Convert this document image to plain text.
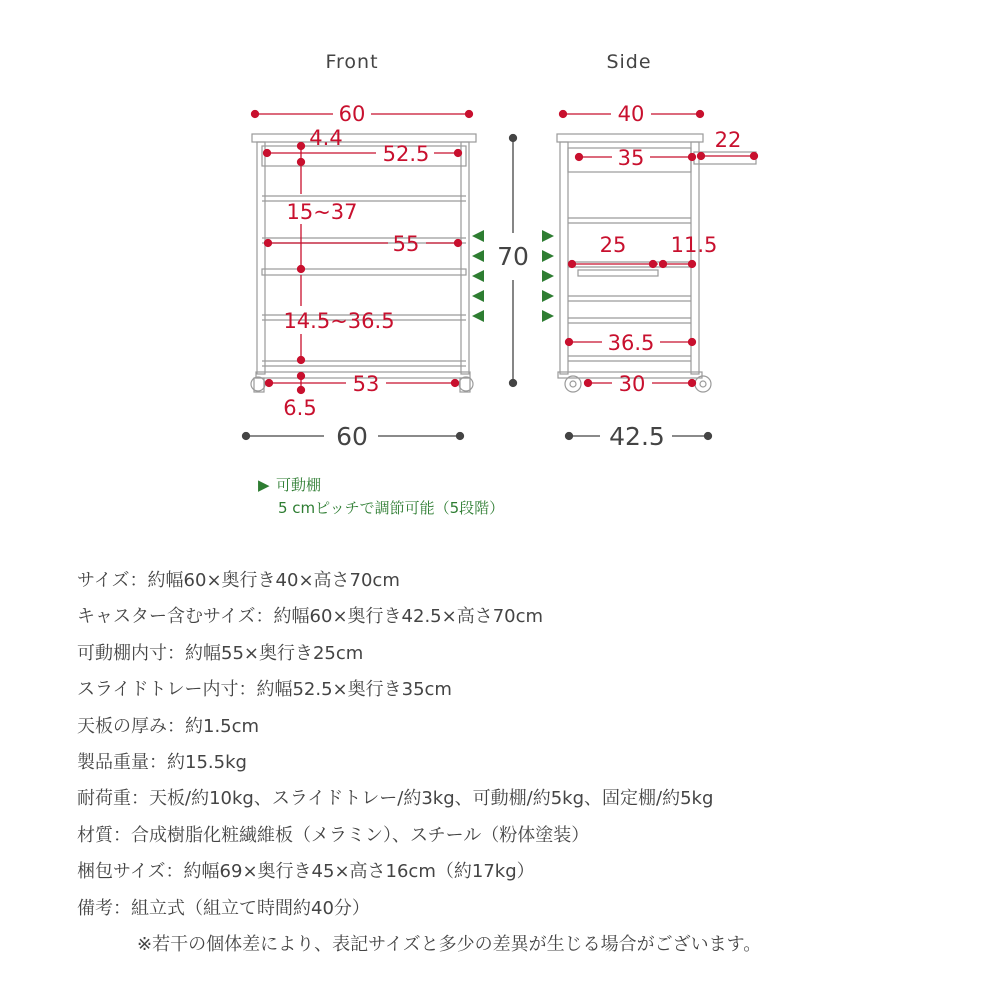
Front	Side
60
4.4
52.5
15~37
55
14.5~36.5
53
6.5
40
22
35
25 11.5
36.5
30
70
60	42.5
▶ 可動棚
5 cmピッチで調節可能（5段階）
サイズ：約幅60×奥行き40×高さ70cm
キャスター含むサイズ：約幅60×奥行き42.5×高さ70cm
可動棚内寸：約幅55×奥行き25cm
スライドトレー内寸：約幅52.5×奥行き35cm
天板の厚み：約1.5cm
製品重量：約15.5kg
耐荷重：天板/約10kg、スライドトレー/約3kg、可動棚/約5kg、固定棚/約5kg
材質：合成樹脂化粧繊維板（メラミン）、スチール（粉体塗装）
梱包サイズ：約幅69×奥行き45×高さ16cm（約17kg）
備考：組立式（組立て時間約40分）
※若干の個体差により、表記サイズと多少の差異が生じる場合がございます。
